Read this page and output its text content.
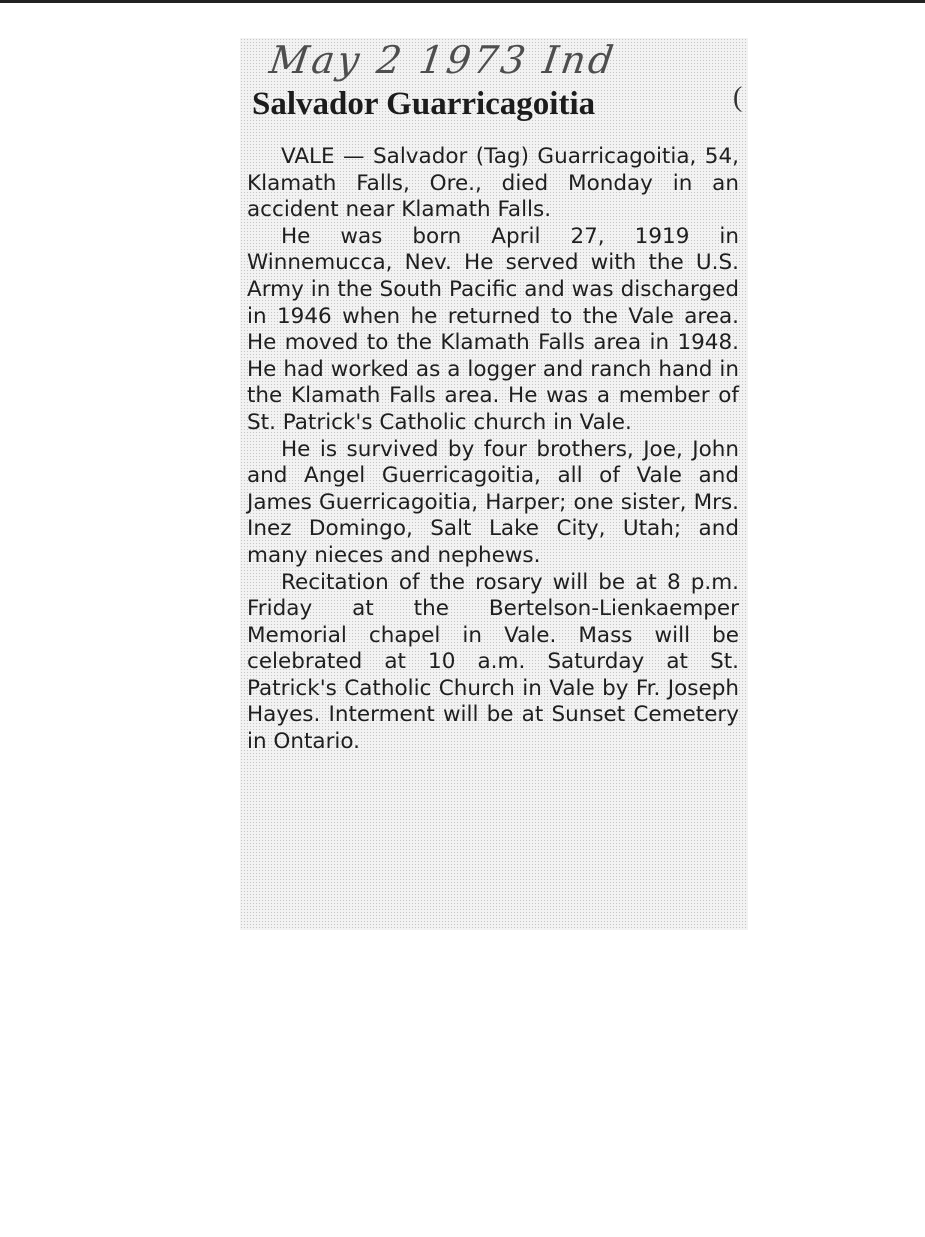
May 2 1973 Ind
Salvador Guarricagoitia	(

VALE — Salvador (Tag) Guarricagoitia, 54, Klamath Falls, Ore., died Monday in an accident near Klamath Falls.

He was born April 27, 1919 in Winnemucca, Nev. He served with the U.S. Army in the South Pacific and was discharged in 1946 when he returned to the Vale area. He moved to the Klamath Falls area in 1948. He had worked as a logger and ranch hand in the Klamath Falls area. He was a member of St. Patrick's Catholic church in Vale.

He is survived by four brothers, Joe, John and Angel Guerricagoitia, all of Vale and James Guerricagoitia, Harper; one sister, Mrs. Inez Domingo, Salt Lake City, Utah; and many nieces and nephews.

Recitation of the rosary will be at 8 p.m. Friday at the Bertelson-Lienkaemper Memorial chapel in Vale. Mass will be celebrated at 10 a.m. Saturday at St. Patrick's Catholic Church in Vale by Fr. Joseph Hayes. Interment will be at Sunset Cemetery in Ontario.
